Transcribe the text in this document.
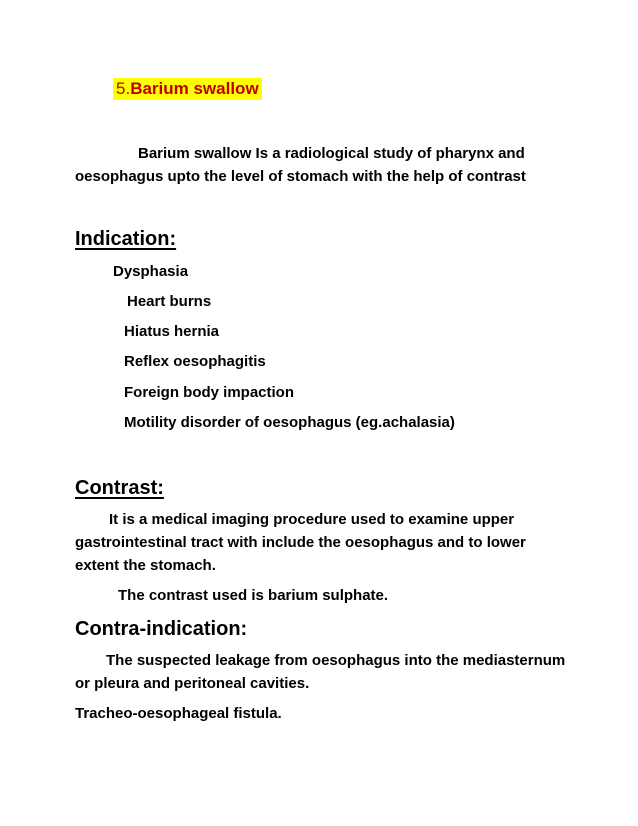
5.Barium swallow
Barium swallow Is a radiological study of pharynx and
oesophagus upto the level of stomach with the help of contrast
Indication:
Dysphasia
Heart burns
Hiatus hernia
Reflex oesophagitis
Foreign body impaction
Motility disorder of oesophagus (eg.achalasia)
Contrast:
It is a medical imaging procedure used to examine upper
gastrointestinal tract with include the oesophagus and to lower
extent the stomach.
The contrast used is barium sulphate.
Contra-indication:
The suspected leakage from oesophagus into the mediasternum
or pleura and peritoneal cavities.
Tracheo-oesophageal fistula.
